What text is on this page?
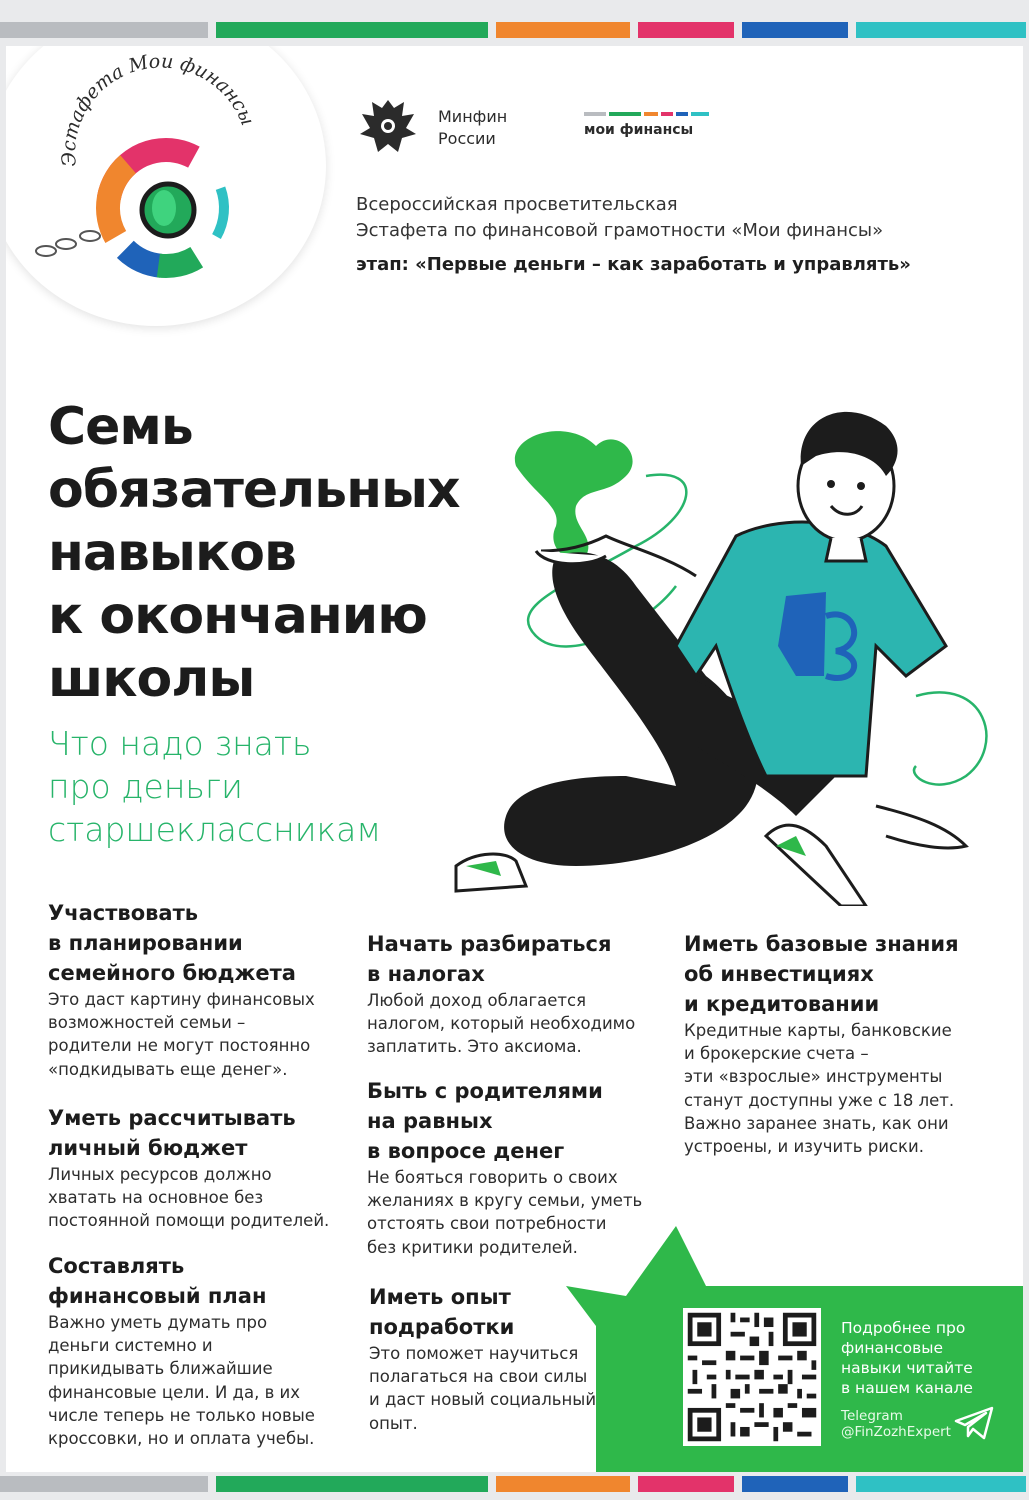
Эстафета Мои финансы	Минфин
России	мои финансы
Всероссийская просветительская
Эстафета по финансовой грамотности «Мои финансы»
этап: «Первые деньги – как заработать и управлять»
Семь
обязательных
навыков
к окончанию
школы
Что надо знать
про деньги
старшеклассникам
Участвовать
в планировании
семейного бюджета

Это даст картину финансовых
возможностей семьи –
родители не могут постоянно
«подкидывать еще денег».

Уметь рассчитывать
личный бюджет

Личных ресурсов должно
хватать на основное без
постоянной помощи родителей.

Составлять
финансовый план

Важно уметь думать про
деньги системно и
прикидывать ближайшие
финансовые цели. И да, в их
числе теперь не только новые
кроссовки, но и оплата учебы.

Начать разбираться
в налогах

Любой доход облагается
налогом, который необходимо
заплатить. Это аксиома.

Быть с родителями
на равных
в вопросе денег

Не бояться говорить о своих
желаниях в кругу семьи, уметь
отстоять свои потребности
без критики родителей.

Иметь опыт
подработки

Это поможет научиться
полагаться на свои силы
и даст новый социальный
опыт.

Иметь базовые знания
об инвестициях
и кредитовании

Кредитные карты, банковские
и брокерские счета –
эти «взрослые» инструменты
станут доступны уже с 18 лет.
Важно заранее знать, как они
устроены, и изучить риски.

Подробнее про
финансовые
навыки читайте
в нашем канале
Telegram
@FinZozhExpert
